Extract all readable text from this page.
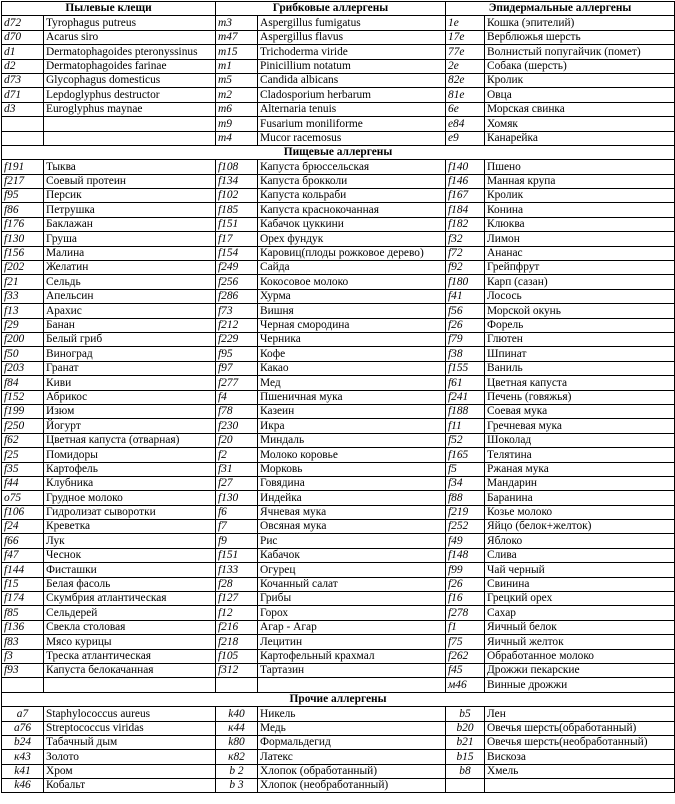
Пылевые клещи		Грибковые аллергены		Эпидермальные аллергены	
d72	Tyrophagus putreus	m3	Aspergillus fumigatus	1e	Кошка (эпителий)
d70	Acarus siro	m47	Aspergillus flavus	17e	Верблюжья шерсть
d1	Dermatophagoides pteronyssinus	m15	Trichoderma viride	77e	Волнистый попугайчик (помет)
d2	Dermatophagoides farinae	m1	Pinicillium notatum	2e	Собака (шерсть)
d73	Glycophagus domesticus	m5	Candida albicans	82e	Кролик
d71	Lepdoglyphus destructor	m2	Cladosporium herbarum	81e	Овца
d3	Euroglyphus maynae	m6	Alternaria tenuis	6e	Морская свинка
		m9	Fusarium moniliforme	e84	Хомяк
		m4	Mucor racemosus	e9	Канарейка
Пищевые аллергены					
f191	Тыква	f108	Капуста брюссельская	f140	Пшено
f217	Соевый протеин	f134	Капуста брокколи	f146	Манная крупа
f95	Персик	f102	Капуста кольраби	f167	Кролик
f86	Петрушка	f185	Капуста краснокочанная	f184	Конина
f176	Баклажан	f151	Кабачок цуккини	f182	Клюква
f130	Груша	f17	Орех фундук	f32	Лимон
f156	Малина	f154	Каровиц(плоды рожковое дерево)	f72	Ананас
f202	Желатин	f249	Сайда	f92	Грейпфрут
f21	Сельдь	f256	Кокосовое молоко	f180	Карп (сазан)
f33	Апельсин	f286	Хурма	f41	Лосось
f13	Арахис	f73	Вишня	f56	Морской окунь
f29	Банан	f212	Черная смородина	f26	Форель
f200	Белый гриб	f229	Черника	f79	Глютен
f50	Виноград	f95	Кофе	f38	Шпинат
f203	Гранат	f97	Какао	f155	Ваниль
f84	Киви	f277	Мед	f61	Цветная капуста
f152	Абрикос	f4	Пшеничная мука	f241	Печень (говяжья)
f199	Изюм	f78	Казеин	f188	Соевая мука
f250	Йогурт	f230	Икра	f11	Гречневая мука
f62	Цветная капуста (отварная)	f20	Миндаль	f52	Шоколад
f25	Помидоры	f2	Молоко коровье	f165	Телятина
f35	Картофель	f31	Морковь	f5	Ржаная мука
f44	Клубника	f27	Говядина	f34	Мандарин
o75	Грудное молоко	f130	Индейка	f88	Баранина
f106	Гидролизат сыворотки	f6	Ячневая мука	f219	Козье молоко
f24	Креветка	f7	Овсяная мука	f252	Яйцо (белок+желток)
f66	Лук	f9	Рис	f49	Яблоко
f47	Чеснок	f151	Кабачок	f148	Слива
f144	Фисташки	f133	Огурец	f99	Чай черный
f15	Белая фасоль	f28	Кочанный салат	f26	Свинина
f174	Скумбрия атлантическая	f127	Грибы	f16	Грецкий орех
f85	Сельдерей	f12	Горох	f278	Сахар
f136	Свекла столовая	f216	Агар - Агар	f1	Яичный белок
f83	Мясо курицы	f218	Лецитин	f75	Яичный желток
f3	Треска атлантическая	f105	Картофельный крахмал	f262	Обработанное молоко
f93	Капуста белокачанная	f312	Тартазин	f45	Дрожжи пекарские
				м46	Винные дрожжи
Прочие аллергены					
a7	Staphylococcus aureus	k40	Никель	b5	Лен
a76	Streptococcus viridas	к44	Медь	b20	Овечья шерсть(обработанный)
b24	Табачный дым	k80	Формальдегид	b21	Овечья шерсть(необработанный)
к43	Золото	к82	Латекс	b15	Вискоза
k41	Хром	b 2	Хлопок (обработанный)	b8	Хмель
k46	Кобальт	b 3	Хлопок (необработанный)		
